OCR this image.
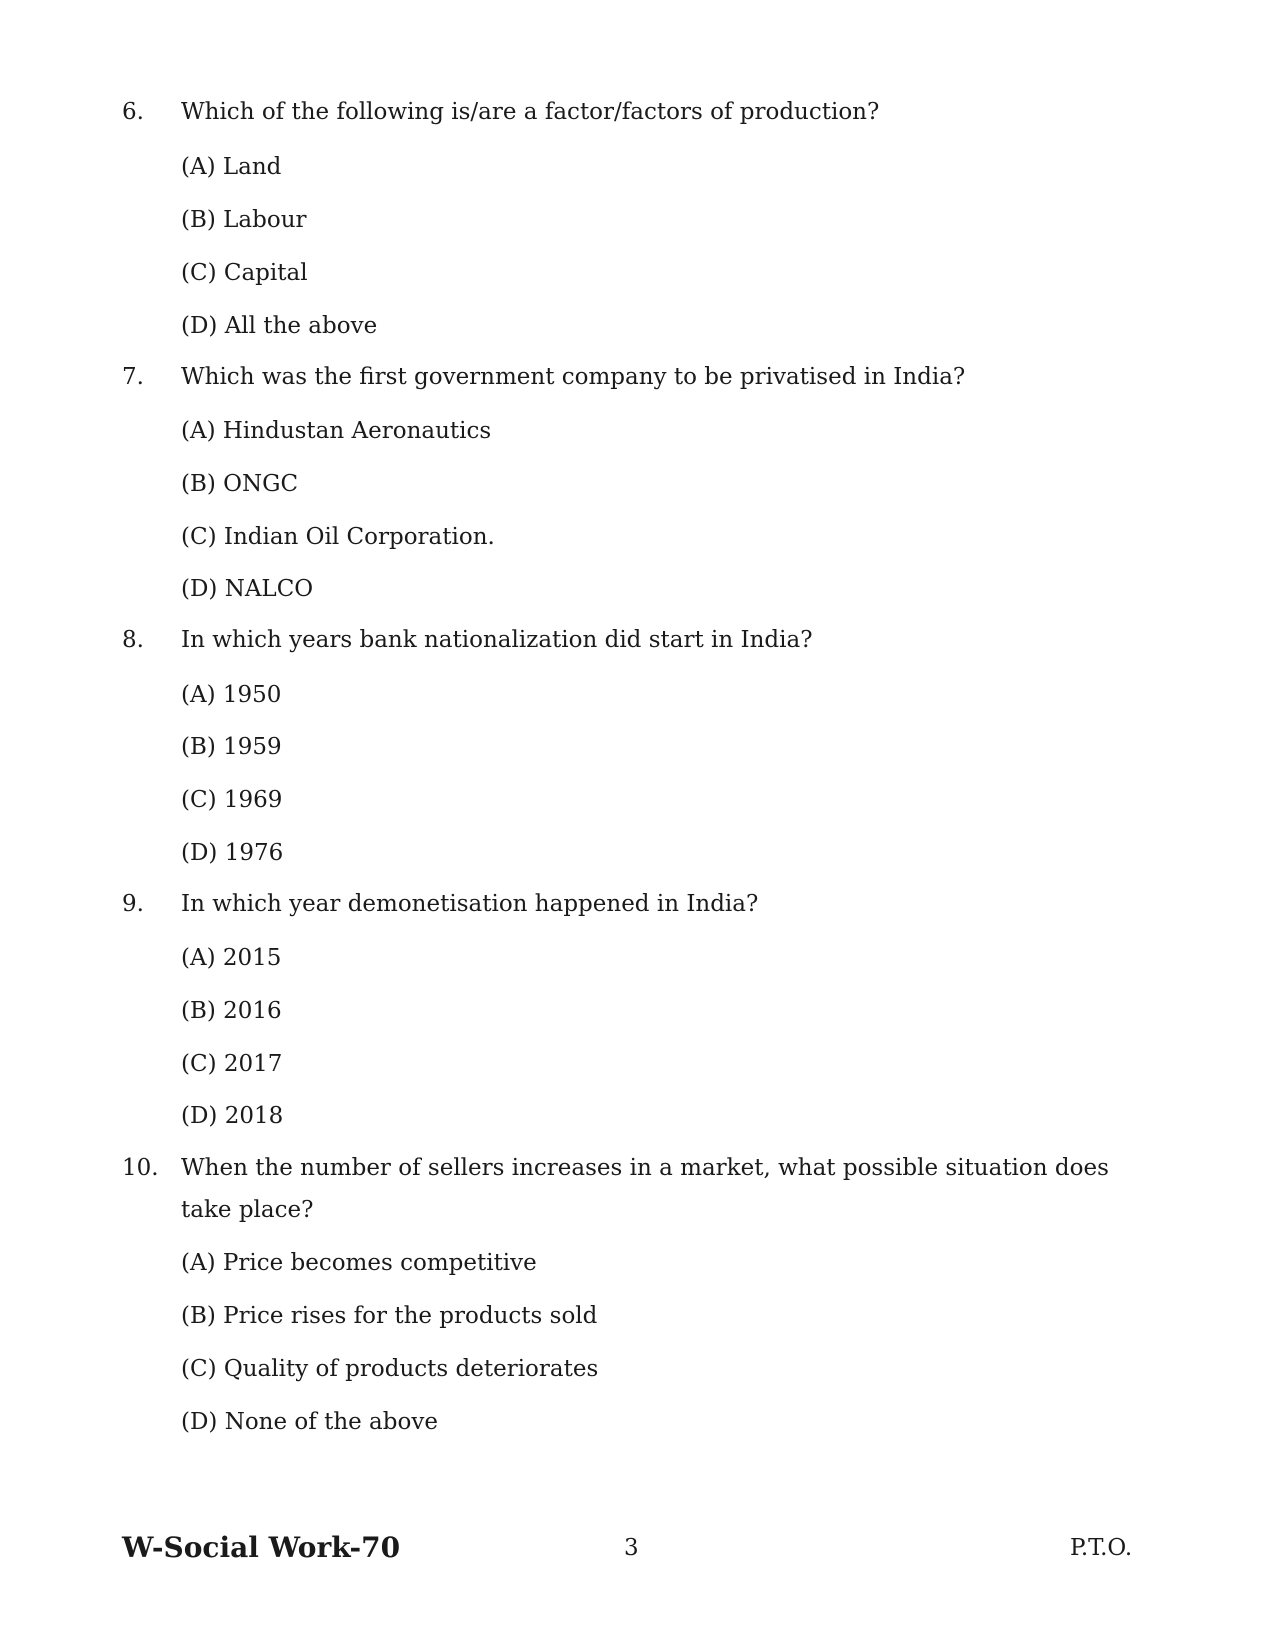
6. Which of the following is/are a factor/factors of production?
(A) Land
(B) Labour
(C) Capital
(D) All the above
7. Which was the first government company to be privatised in India?
(A) Hindustan Aeronautics
(B) ONGC
(C) Indian Oil Corporation.
(D) NALCO
8. In which years bank nationalization did start in India?
(A) 1950
(B) 1959
(C) 1969
(D) 1976
9. In which year demonetisation happened in India?
(A) 2015
(B) 2016
(C) 2017
(D) 2018
10. When the number of sellers increases in a market, what possible situation does take place?
(A) Price becomes competitive
(B) Price rises for the products sold
(C) Quality of products deteriorates
(D) None of the above
W-Social Work-70	3	P.T.O.
